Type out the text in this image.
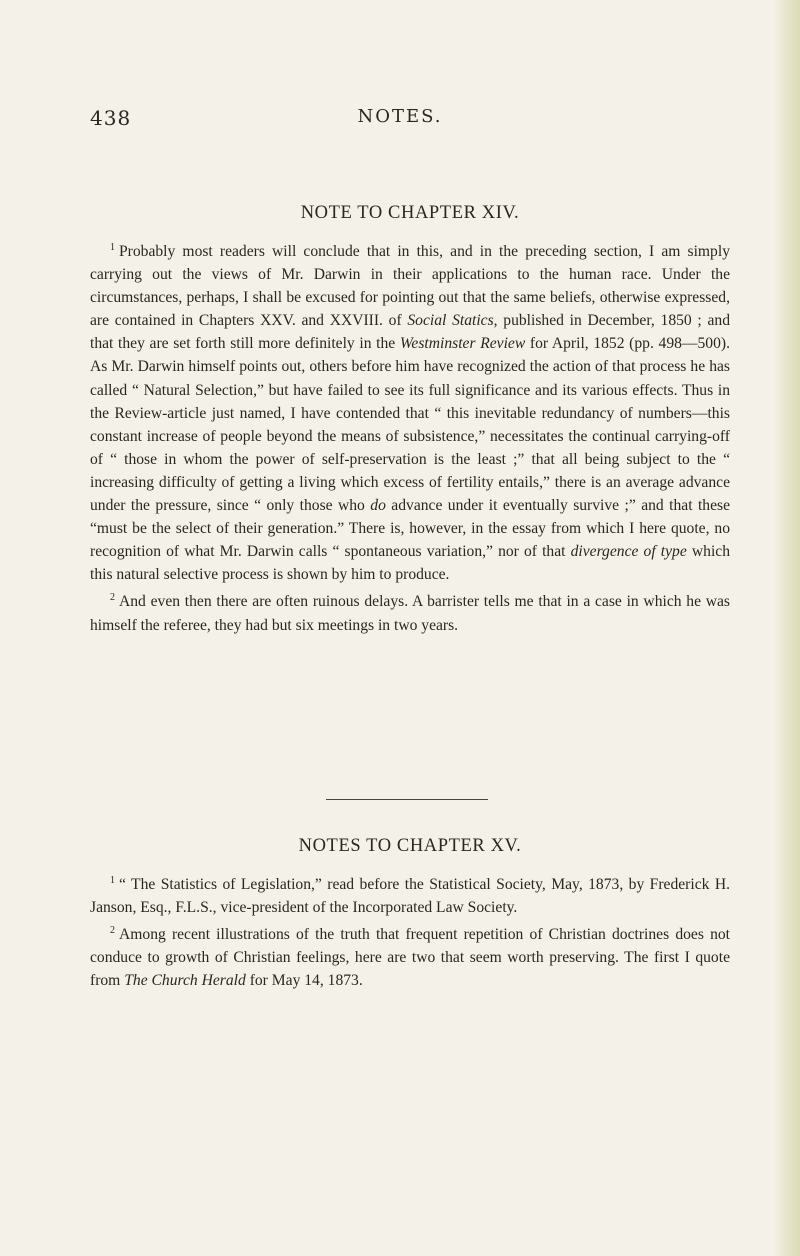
438	NOTES.
NOTE TO CHAPTER XIV.

$^1$ Probably most readers will conclude that in this, and in the preceding section, I am simply carrying out the views of Mr. Darwin in their applications to the human race. Under the circumstances, perhaps, I shall be excused for pointing out that the same beliefs, otherwise expressed, are contained in Chapters XXV. and XXVIII. of Social Statics, published in December, 1850 ; and that they are set forth still more definitely in the Westminster Review for April, 1852 (pp. 498—500). As Mr. Darwin himself points out, others before him have recognized the action of that process he has called “ Natural Selection,” but have failed to see its full significance and its various effects. Thus in the Review-article just named, I have contended that “ this inevitable redundancy of numbers—this constant increase of people beyond the means of subsistence,” necessitates the continual carrying-off of “ those in whom the power of self-preservation is the least ;” that all being subject to the “ increasing difficulty of getting a living which excess of fertility entails,” there is an average advance under the pressure, since “ only those who do advance under it eventually survive ;” and that these “must be the select of their generation.” There is, however, in the essay from which I here quote, no recognition of what Mr. Darwin calls “ spontaneous variation,” nor of that divergence of type which this natural selective process is shown by him to produce.

$^2$ And even then there are often ruinous delays. A barrister tells me that in a case in which he was himself the referee, they had but six meetings in two years.

NOTES TO CHAPTER XV.

$^1$ “ The Statistics of Legislation,” read before the Statistical Society, May, 1873, by Frederick H. Janson, Esq., F.L.S., vice-president of the Incorporated Law Society.

$^2$ Among recent illustrations of the truth that frequent repetition of Christian doctrines does not conduce to growth of Christian feelings, here are two that seem worth preserving. The first I quote from The Church Herald for May 14, 1873.
